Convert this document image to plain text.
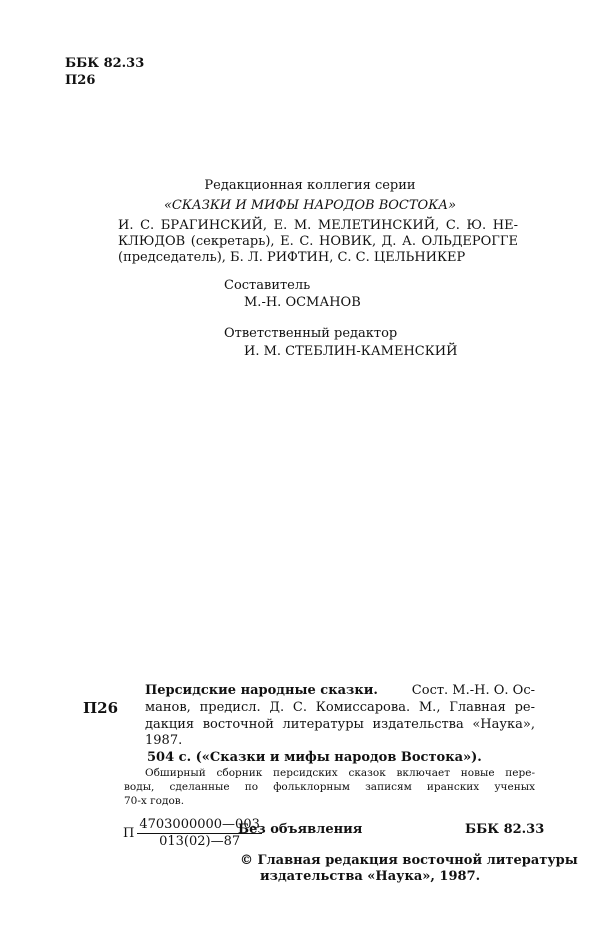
ББК 82.33
П26
Редакционная коллегия серии
«СКАЗКИ И МИФЫ НАРОДОВ ВОСТОКА»
И. С. БРАГИНСКИЙ, Е. М. МЕЛЕТИНСКИЙ, С. Ю. НЕ-
КЛЮДОВ (секретарь), Е. С. НОВИК, Д. А. ОЛЬДЕРОГГЕ
(председатель), Б. Л. РИФТИН, С. С. ЦЕЛЬНИКЕР
Составитель
М.-Н. ОСМАНОВ
Ответственный редактор
И. М. СТЕБЛИН-КАМЕНСКИЙ
П26
Персидские народные сказки.	Сост. М.-Н. О. Ос-
манов, предисл. Д. С. Комиссарова. М., Главная ре-
дакция восточной литературы издательства «Наука»,
1987.
504 с. («Сказки и мифы народов Востока»).
Обширный сборник персидских сказок включает новые пере-
воды, сделанные по фольклорным записям иранских ученых
70-х годов.
П $\frac{4703000000—003}{013(02)—87}$
Без объявления	ББК 82.33
© Главная редакция восточной литературы
издательства «Наука», 1987.
